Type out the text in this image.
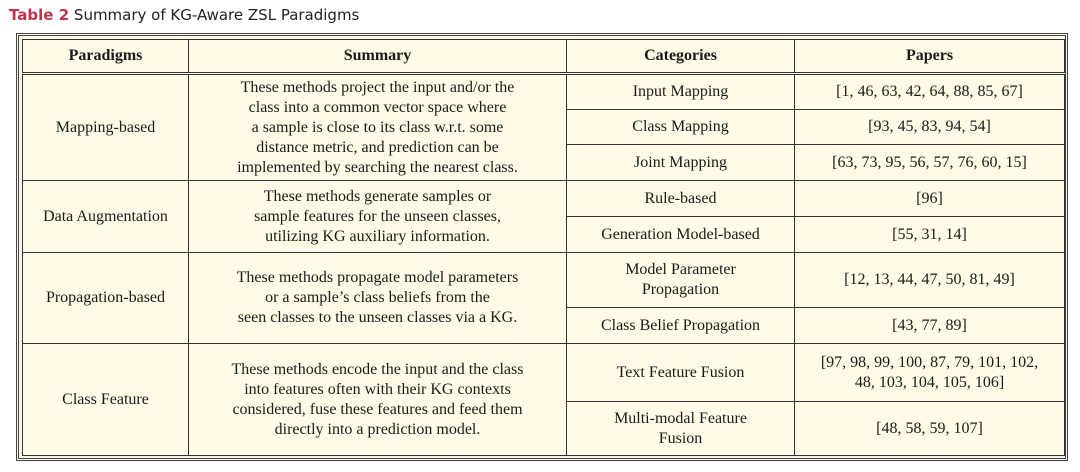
Table 2 Summary of KG-Aware ZSL Paradigms
Paradigms	Summary	Categories	Papers
Mapping-based	These methods project the input and/or the
class into a common vector space where
a sample is close to its class w.r.t. some
distance metric, and prediction can be
implemented by searching the nearest class.	Input Mapping	[1, 46, 63, 42, 64, 88, 85, 67]
		Class Mapping	[93, 45, 83, 94, 54]
		Joint Mapping	[63, 73, 95, 56, 57, 76, 60, 15]
Data Augmentation	These methods generate samples or
sample features for the unseen classes,
utilizing KG auxiliary information.	Rule-based	[96]
		Generation Model-based	[55, 31, 14]
Propagation-based	These methods propagate model parameters
or a sample’s class beliefs from the
seen classes to the unseen classes via a KG.	Model Parameter
Propagation	[12, 13, 44, 47, 50, 81, 49]
		Class Belief Propagation	[43, 77, 89]
Class Feature	These methods encode the input and the class
into features often with their KG contexts
considered, fuse these features and feed them
directly into a prediction model.	Text Feature Fusion	[97, 98, 99, 100, 87, 79, 101, 102,
48, 103, 104, 105, 106]
		Multi-modal Feature
Fusion	[48, 58, 59, 107]
